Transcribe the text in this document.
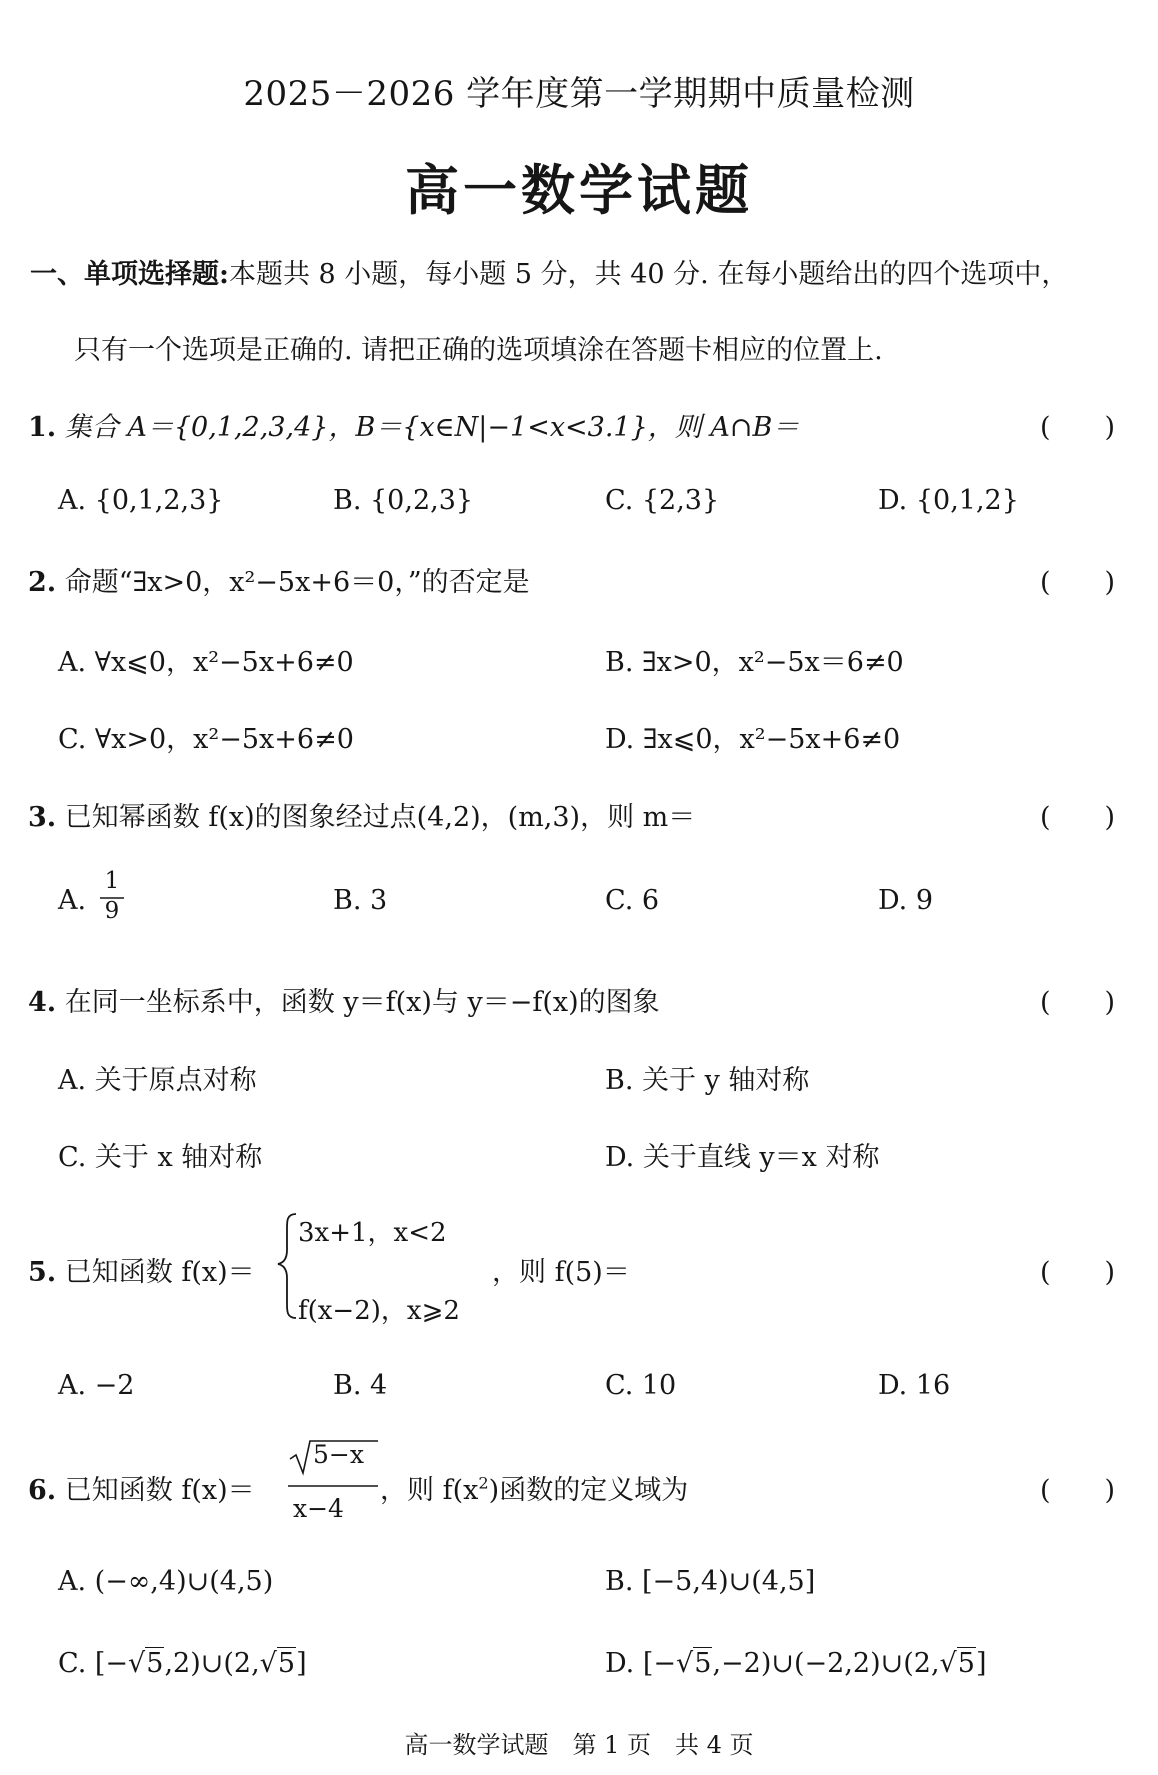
2025－2026 学年度第一学期期中质量检测
高一数学试题
一、单项选择题:本题共 8 小题，每小题 5 分，共 40 分. 在每小题给出的四个选项中，
只有一个选项是正确的. 请把正确的选项填涂在答题卡相应的位置上.
1. 集合 A＝{0,1,2,3,4}，B＝{x∈N|−1<x<3.1}，则 A∩B＝	(　　)
A. {0,1,2,3}	B. {0,2,3}	C. {2,3}	D. {0,1,2}
2. 命题“∃x>0，x²−5x+6＝0，”的否定是	(　　)
A. ∀x⩽0，x²−5x+6≠0	B. ∃x>0，x²−5x＝6≠0
C. ∀x>0，x²−5x+6≠0	D. ∃x⩽0，x²−5x+6≠0
3. 已知幂函数 f(x)的图象经过点(4,2)，(m,3)，则 m＝	(　　)
A.
1
9	B. 3	C. 6	D. 9
4. 在同一坐标系中，函数 y＝f(x)与 y＝−f(x)的图象	(　　)
A. 关于原点对称	B. 关于 y 轴对称
C. 关于 x 轴对称	D. 关于直线 y＝x 对称
5. 已知函数 f(x)＝
3x+1，x<2
f(x−2)，x⩾2
，则 f(5)＝	(　　)
A. −2	B. 4	C. 10	D. 16
6. 已知函数 f(x)＝
5−x
x−4
，则 $f(x^2)$函数的定义域为	(　　)
A. (−∞,4)∪(4,5)	B. [−5,4)∪(4,5]
C. [−√5,2)∪(2,√5]	D. [−√5,−2)∪(−2,2)∪(2,√5]
高一数学试题　第 1 页　共 4 页
